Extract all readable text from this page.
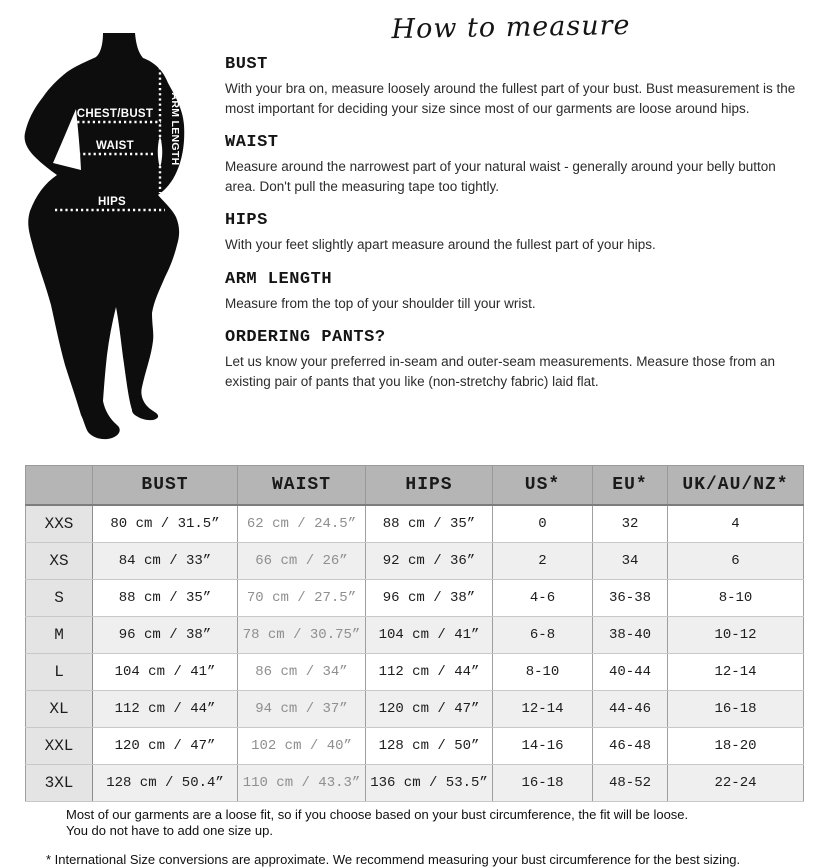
CHEST/BUST
WAIST
HIPS
ARM LENGTH
How to measure
BUST

With your bra on, measure loosely around the fullest part of your bust. Bust measurement is the most important for deciding your size since most of our garments are loose around hips.

WAIST

Measure around the narrowest part of your natural waist - generally around your belly button area. Don't pull the measuring tape too tightly.

HIPS

With your feet slightly apart measure around the fullest part of your hips.

ARM LENGTH

Measure from the top of your shoulder till your wrist.

ORDERING PANTS?

Let us know your preferred in-seam and outer-seam measurements. Measure those from an existing pair of pants that you like (non-stretchy fabric) laid flat.

	BUST	WAIST	HIPS	US*	EU*	UK/AU/NZ*
XXS	80 cm / 31.5”	62 cm / 24.5”	88 cm / 35”	0	32	4
XS	84 cm / 33”	66 cm / 26”	92 cm / 36”	2	34	6
S	88 cm / 35”	70 cm / 27.5”	96 cm / 38”	4-6	36-38	8-10
M	96 cm / 38”	78 cm / 30.75”	104 cm / 41”	6-8	38-40	10-12
L	104 cm / 41”	86 cm / 34”	112 cm / 44”	8-10	40-44	12-14
XL	112 cm / 44”	94 cm / 37”	120 cm / 47”	12-14	44-46	16-18
XXL	120 cm / 47”	102 cm / 40”	128 cm / 50”	14-16	46-48	18-20
3XL	128 cm / 50.4”	110 cm / 43.3”	136 cm / 53.5”	16-18	48-52	22-24

Most of our garments are a loose fit, so if you choose based on your bust circumference, the fit will be loose.
You do not have to add one size up.

* International Size conversions are approximate. We recommend measuring your bust circumference for the best sizing.
